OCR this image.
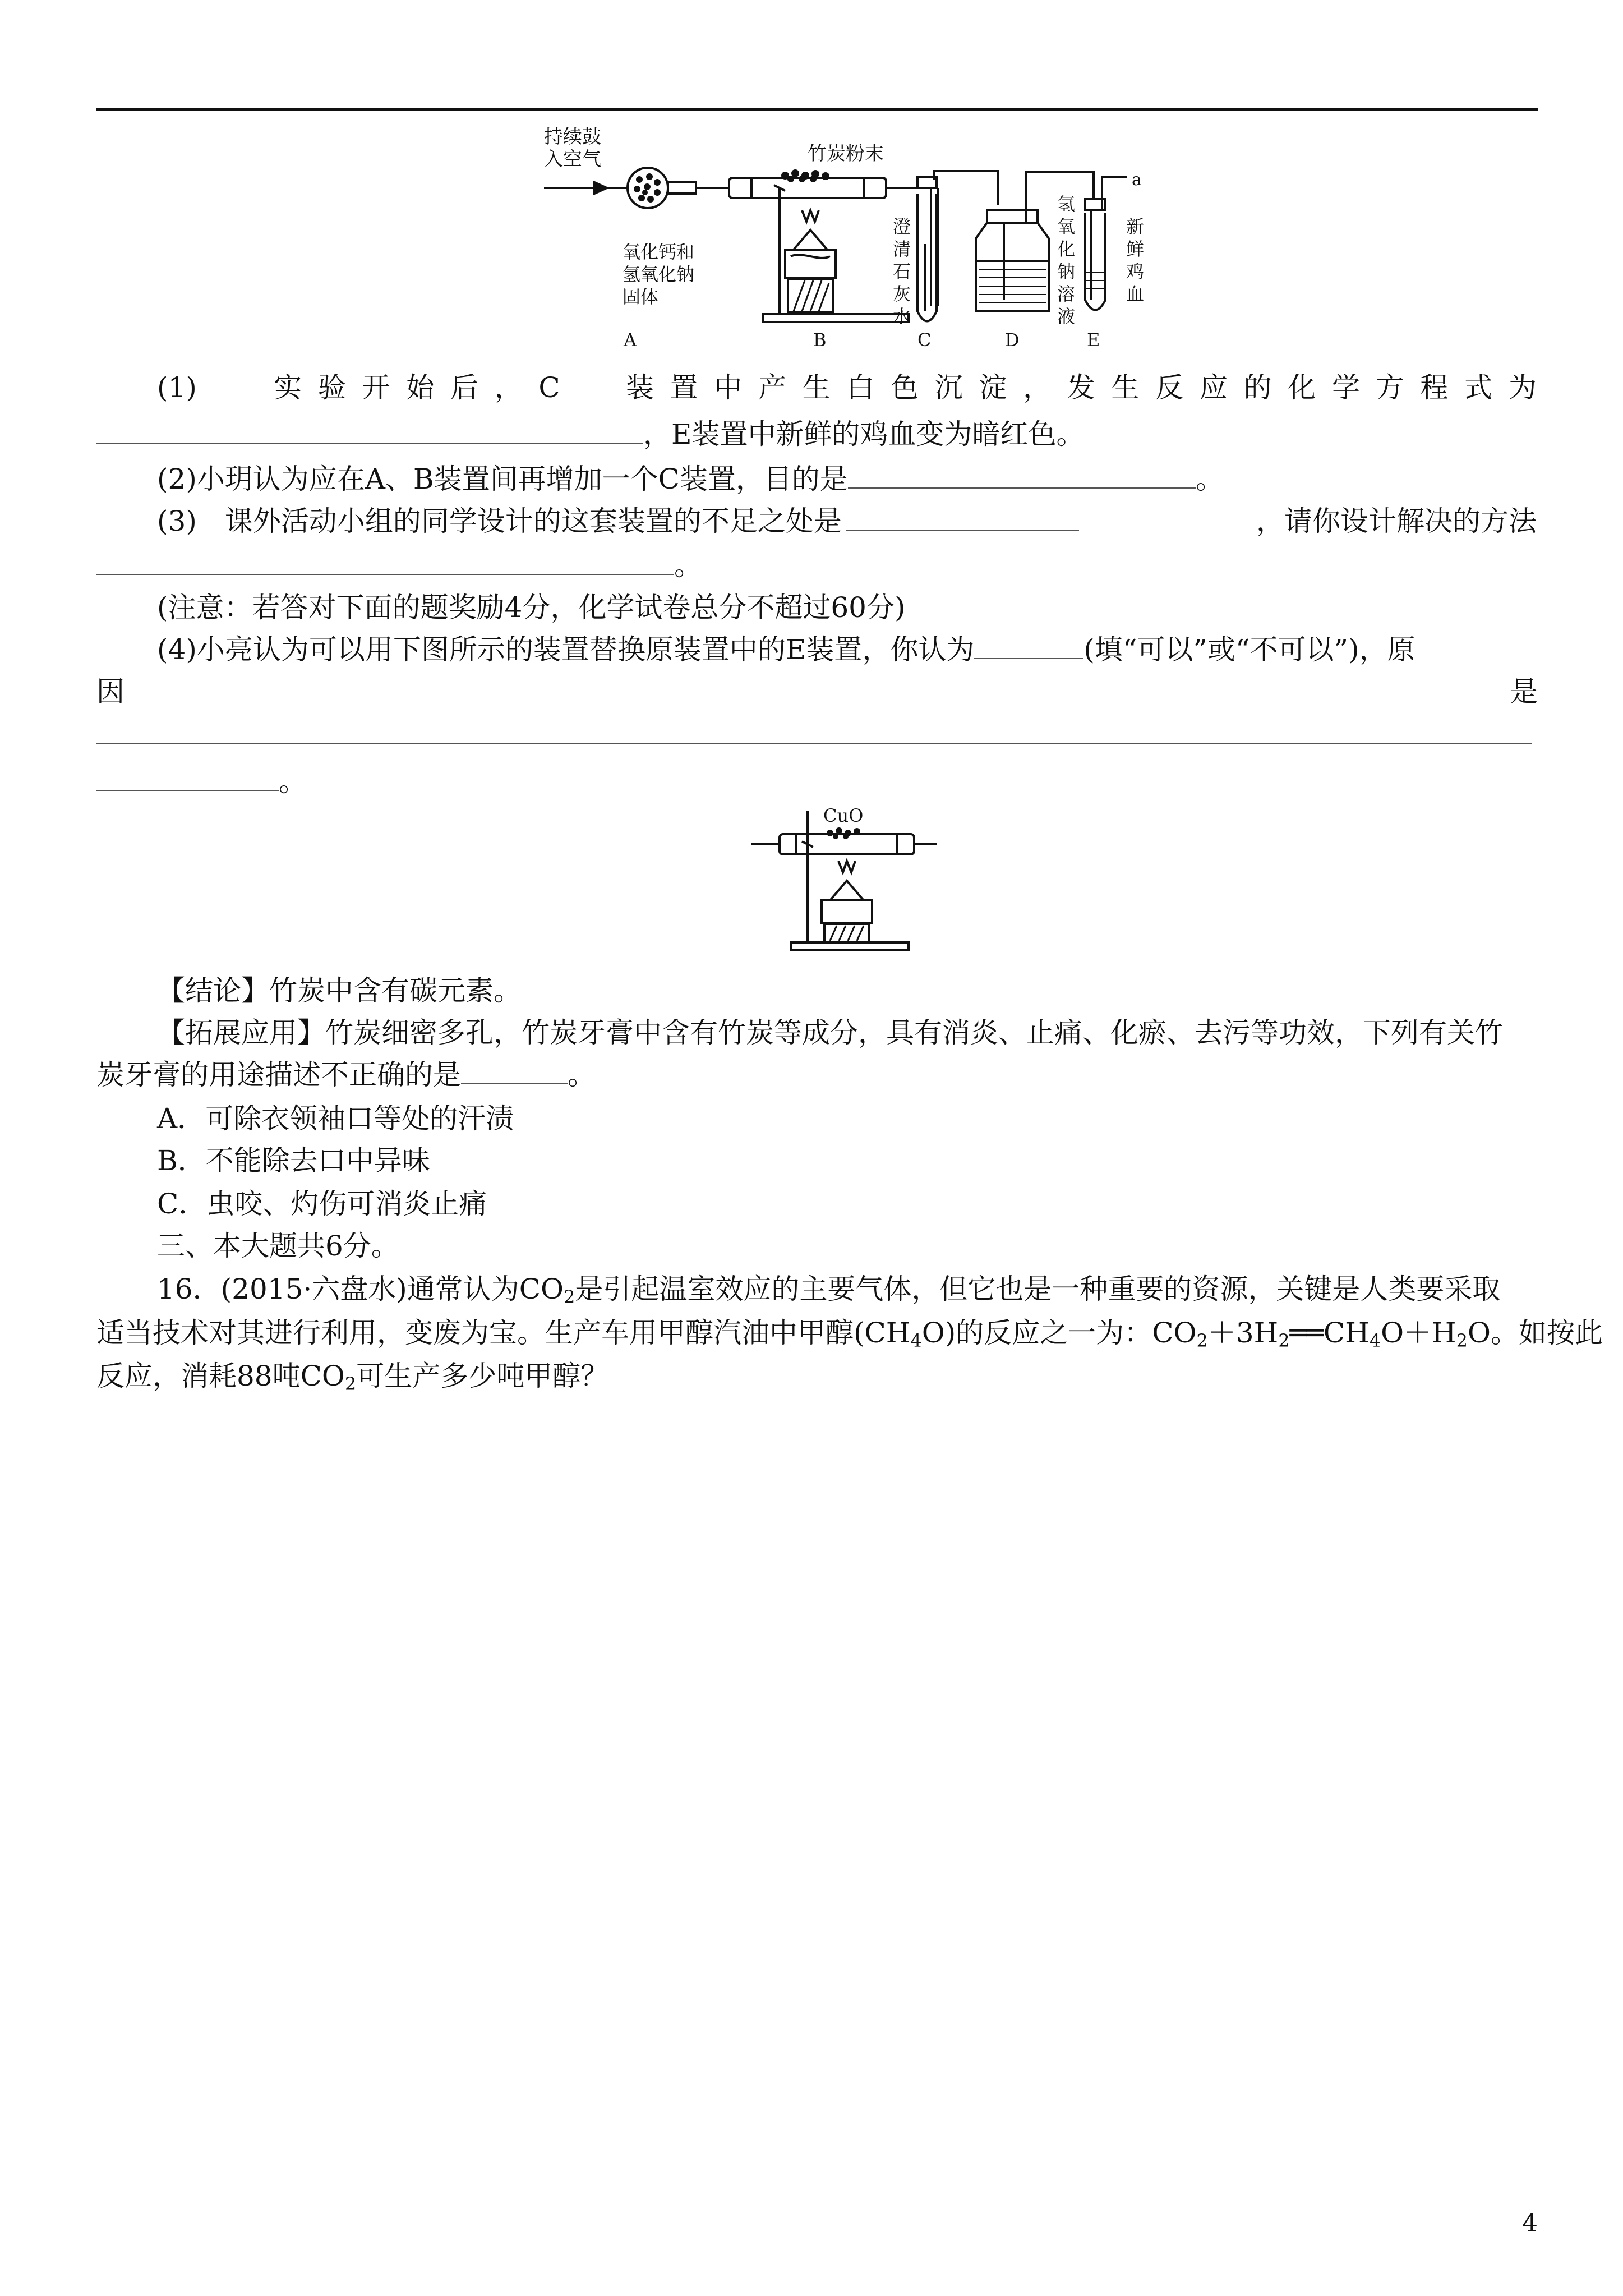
持续鼓
入空气	竹炭粉末
a
氧化钙和
氢氧化钠
固体
澄
清
石
灰
水
氢
氧
化
钠
溶
液
新
鲜
鸡
血
A	B	C	D	E
(1)	实 验 开 始 后 ， C 装 置 中 产 生 白 色 沉 淀 ， 发 生 反 应 的 化 学 方 程 式 为
，E装置中新鲜的鸡血变为暗红色。
(2)小玥认为应在A、B装置间再增加一个C装置，目的是	。
(3)　课外活动小组的同学设计的这套装置的不足之处是	，请你设计解决的方法
。
(注意：若答对下面的题奖励4分，化学试卷总分不超过60分)
(4)小亮认为可以用下图所示的装置替换原装置中的E装置，你认为	(填“可以”或“不可以”)，原
因	是
。
CuO
【结论】竹炭中含有碳元素。
【拓展应用】竹炭细密多孔，竹炭牙膏中含有竹炭等成分，具有消炎、止痛、化瘀、去污等功效，下列有关竹
炭牙膏的用途描述不正确的是	。
A．可除衣领袖口等处的汗渍
B．不能除去口中异味
C．虫咬、灼伤可消炎止痛
三、本大题共6分。
16．(2015·六盘水)通常认为$CO_2$是引起温室效应的主要气体，但它也是一种重要的资源，关键是人类要采取
适当技术对其进行利用，变废为宝。生产车用甲醇汽油中甲醇$(CH_4O)$的反应之一为：$CO_2+3H_2══CH_4O+H_2O$。如按此
反应，消耗88吨$CO_2$可生产多少吨甲醇？
4
